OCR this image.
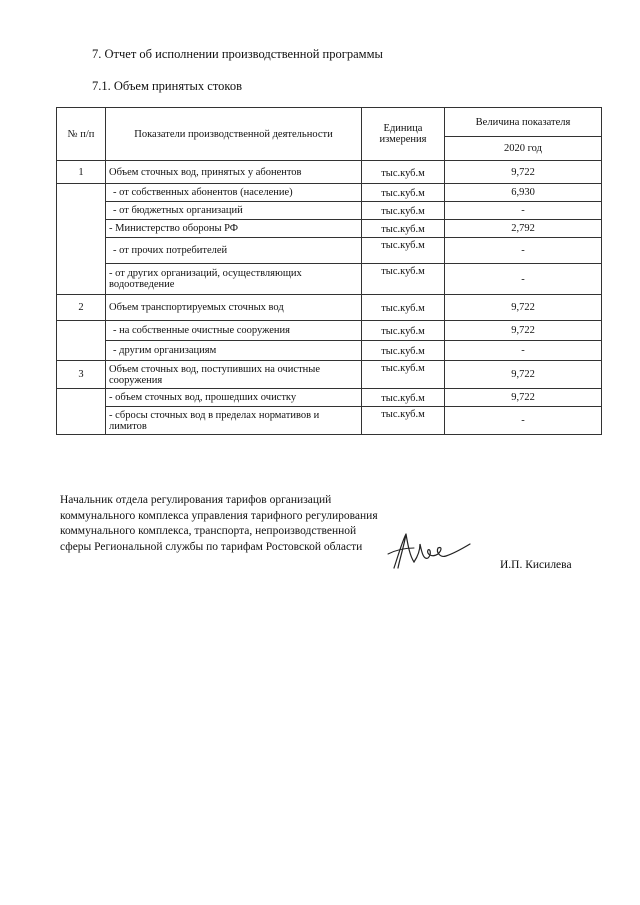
7. Отчет об исполнении производственной программы
7.1. Объем принятых стоков
№ п/п	Показатели производственной деятельности	Единица измерения	Величина показателя
			2020 год
1	Объем сточных вод, принятых у абонентов	тыс.куб.м	9,722
	- от собственных абонентов (население)	тыс.куб.м	6,930
	- от бюджетных организаций	тыс.куб.м	-
	- Министерство обороны РФ	тыс.куб.м	2,792
	- от прочих потребителей	тыс.куб.м	-
	- от других организаций, осуществляющих водоотведение	тыс.куб.м	-
2	Объем транспортируемых сточных вод	тыс.куб.м	9,722
	- на собственные очистные сооружения	тыс.куб.м	9,722
	- другим организациям	тыс.куб.м	-
3	Объем сточных вод, поступивших на очистные сооружения	тыс.куб.м	9,722
	- объем сточных вод, прошедших очистку	тыс.куб.м	9,722
	- сбросы сточных вод в пределах нормативов и лимитов	тыс.куб.м	-
Начальник отдела регулирования тарифов организаций коммунального комплекса управления тарифного регулирования коммунального комплекса, транспорта, непроизводственной сферы Региональной службы по тарифам Ростовской области
И.П. Кисилева
